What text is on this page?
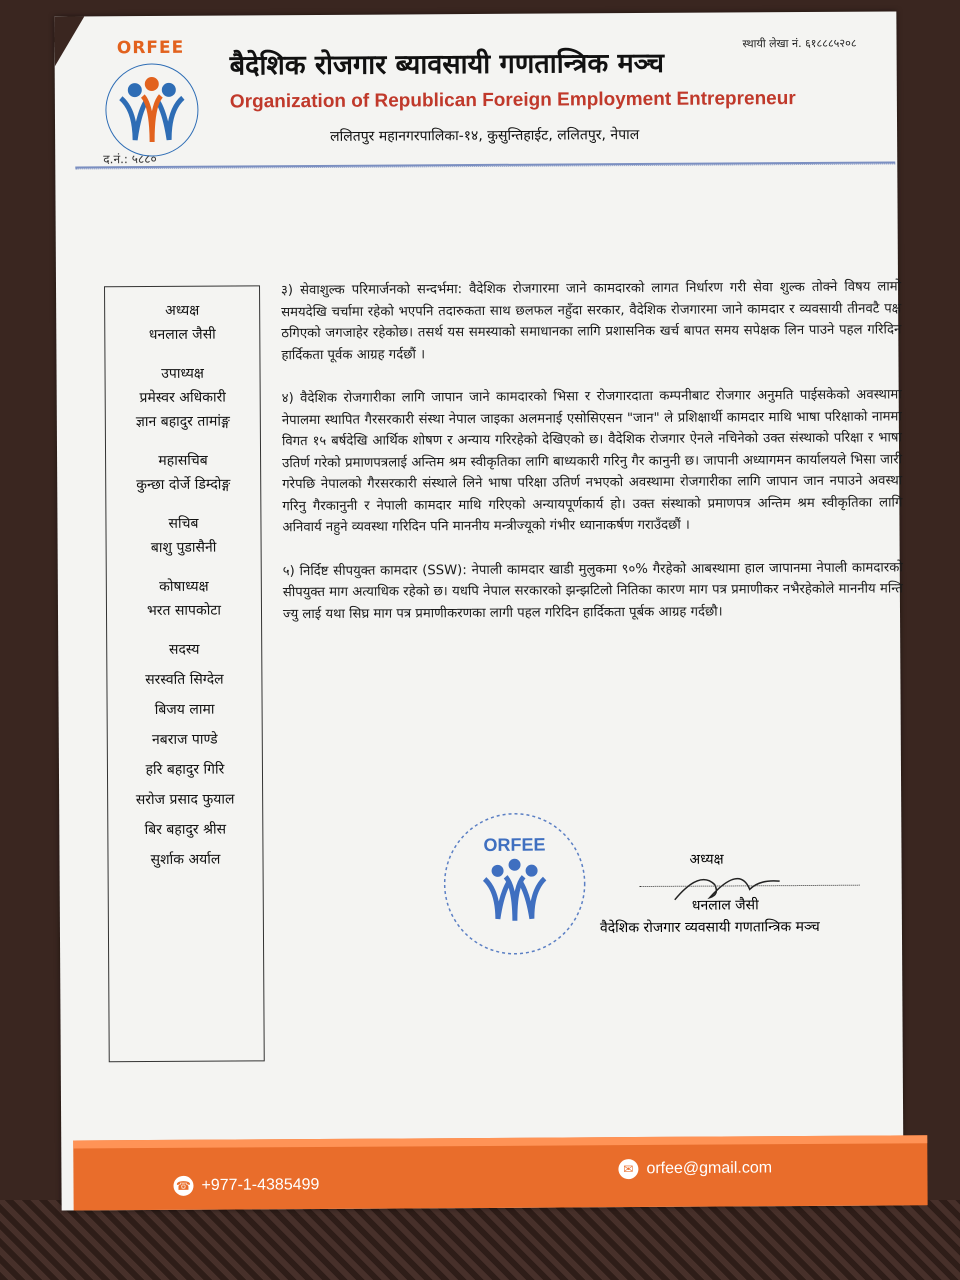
ORFEE
द.नं.: ५८८०
स्थायी लेखा नं. ६१८८८५२०८
बैदेशिक रोजगार ब्यावसायी गणतान्त्रिक मञ्च
Organization of Republican Foreign Employment Entrepreneur
ललितपुर महानगरपालिका-१४, कुसुन्तिहाईट, ललितपुर, नेपाल
अध्यक्ष
धनलाल जैसी
उपाध्यक्ष
प्रमेस्वर अधिकारी
ज्ञान बहादुर तामांङ्ग
महासचिब
कुन्छा दोर्जे डिम्दोङ्ग
सचिब
बाशु पुडासैनी
कोषाध्यक्ष
भरत सापकोटा
सदस्य
सरस्वति सिग्देल
बिजय लामा
नबराज पाण्डे
हरि बहादुर गिरि
सरोज प्रसाद फुयाल
बिर बहादुर श्रीस
सुर्शाक अर्याल

३) सेवाशुल्क परिमार्जनको सन्दर्भमा: वैदेशिक रोजगारमा जाने कामदारको लागत निर्धारण गरी सेवा शुल्क तोक्ने विषय लामो समयदेखि चर्चामा रहेको भएपनि तदारुकता साथ छलफल नहुँदा सरकार, वैदेशिक रोजगारमा जाने कामदार र व्यवसायी तीनवटै पक्ष ठगिएको जगजाहेर रहेकोछ। तसर्थ यस समस्याको समाधानका लागि प्रशासनिक खर्च बापत समय सपेक्षक लिन पाउने पहल गरिदिन हार्दिकता पूर्वक आग्रह गर्दछौं ।

४) वैदेशिक रोजगारीका लागि जापान जाने कामदारको भिसा र रोजगारदाता कम्पनीबाट रोजगार अनुमति पाईसकेको अवस्थामा नेपालमा स्थापित गैरसरकारी संस्था नेपाल जाइका अलमनाई एसोसिएसन "जान" ले प्रशिक्षार्थी कामदार माथि भाषा परिक्षाको नाममा विगत १५ बर्षदेखि आर्थिक शोषण र अन्याय गरिरहेको देखिएको छ। वैदेशिक रोजगार ऐनले नचिनेको उक्त संस्थाको परिक्षा र भाषा उतिर्ण गरेको प्रमाणपत्रलाई अन्तिम श्रम स्वीकृतिका लागि बाध्यकारी गरिनु गैर कानुनी छ। जापानी अध्यागमन कार्यालयले भिसा जारी गरेपछि नेपालको गैरसरकारी संस्थाले लिने भाषा परिक्षा उतिर्ण नभएको अवस्थामा रोजगारीका लागि जापान जान नपाउने अवस्था गरिनु गैरकानुनी र नेपाली कामदार माथि गरिएको अन्यायपूर्णकार्य हो। उक्त संस्थाको प्रमाणपत्र अन्तिम श्रम स्वीकृतिका लागि अनिवार्य नहुने व्यवस्था गरिदिन पनि माननीय मन्त्रीज्यूको गंभीर ध्यानाकर्षण गराउँदछौं ।

५) निर्दिष्ट सीपयुक्त कामदार (SSW): नेपाली कामदार खाडी मुलुकमा ९०% गैरहेको आबस्थामा हाल जापानमा नेपाली कामदारको सीपयुक्त माग अत्याधिक रहेको छ। यधपि नेपाल सरकारको झन्झटिलो नितिका कारण माग पत्र प्रमाणीकर नभैरहेकोले माननीय मन्ति ज्यु लाई यथा सिघ्र माग पत्र प्रमाणीकरणका लागी पहल गरिदिन हार्दिकता पूर्बक आग्रह गर्दछौ।

ORFEE
अध्यक्ष
धनलाल जैसी
वैदेशिक रोजगार व्यवसायी गणतान्त्रिक मञ्च
☎ +977-1-4385499
✉ orfee@gmail.com
